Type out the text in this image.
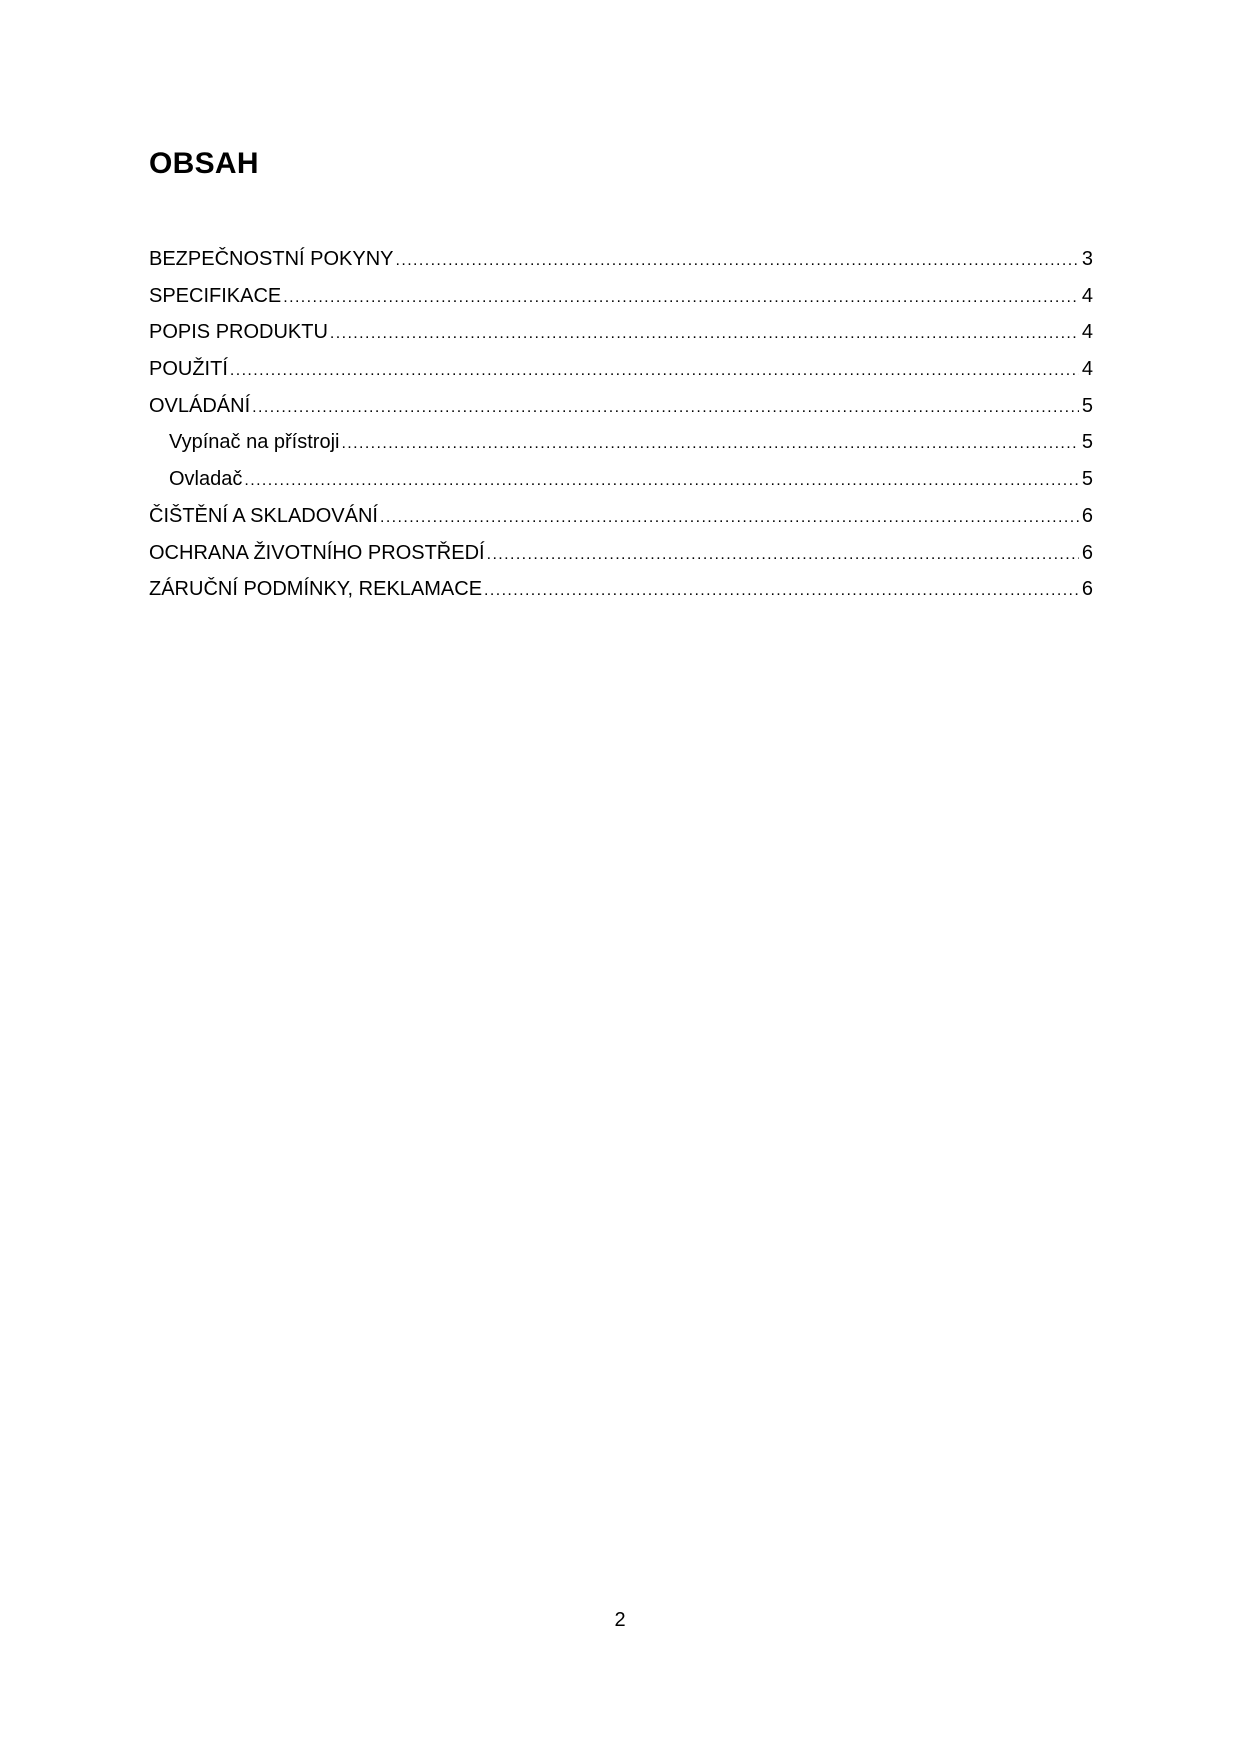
OBSAH
BEZPEČNOSTNÍ POKYNY .....	3
SPECIFIKACE .....	4
POPIS PRODUKTU .....	4
POUŽITÍ .....	4
OVLÁDÁNÍ .....	5
Vypínač na přístroji .....	5
Ovladač .....	5
ČIŠTĚNÍ A SKLADOVÁNÍ .....	6
OCHRANA ŽIVOTNÍHO PROSTŘEDÍ .....	6
ZÁRUČNÍ PODMÍNKY, REKLAMACE .....	6
2
